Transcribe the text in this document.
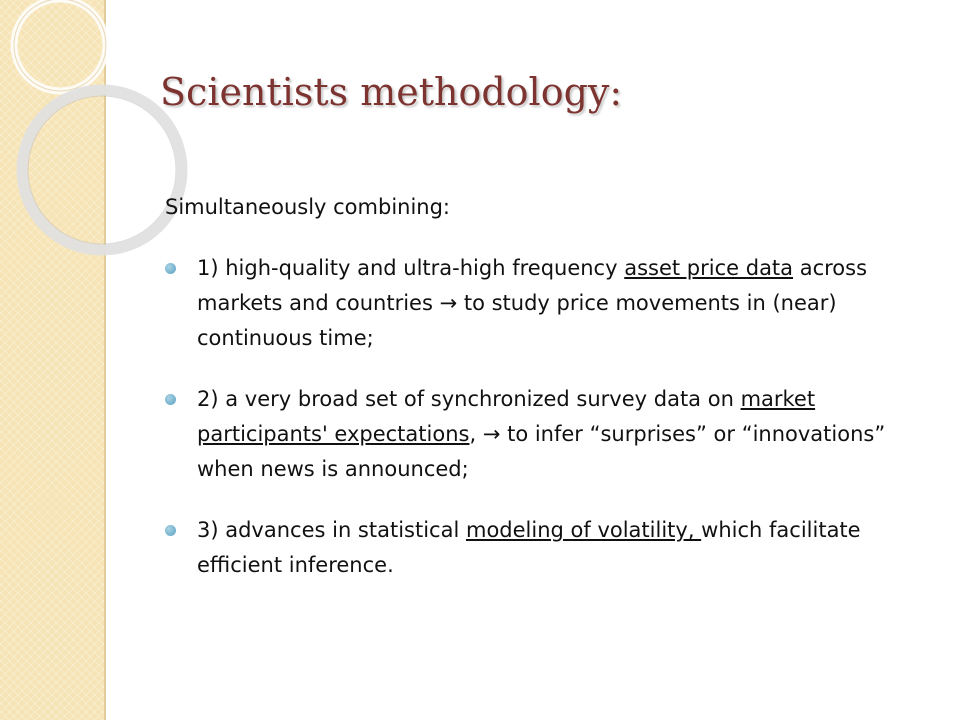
Scientists methodology:

Simultaneously combining:

1) high-quality and ultra-high frequency asset price data across markets and countries → to study price movements in (near) continuous time;
2) a very broad set of synchronized survey data on market participants' expectations, → to infer “surprises” or “innovations” when news is announced;
3) advances in statistical modeling of volatility, which facilitate efficient inference.
